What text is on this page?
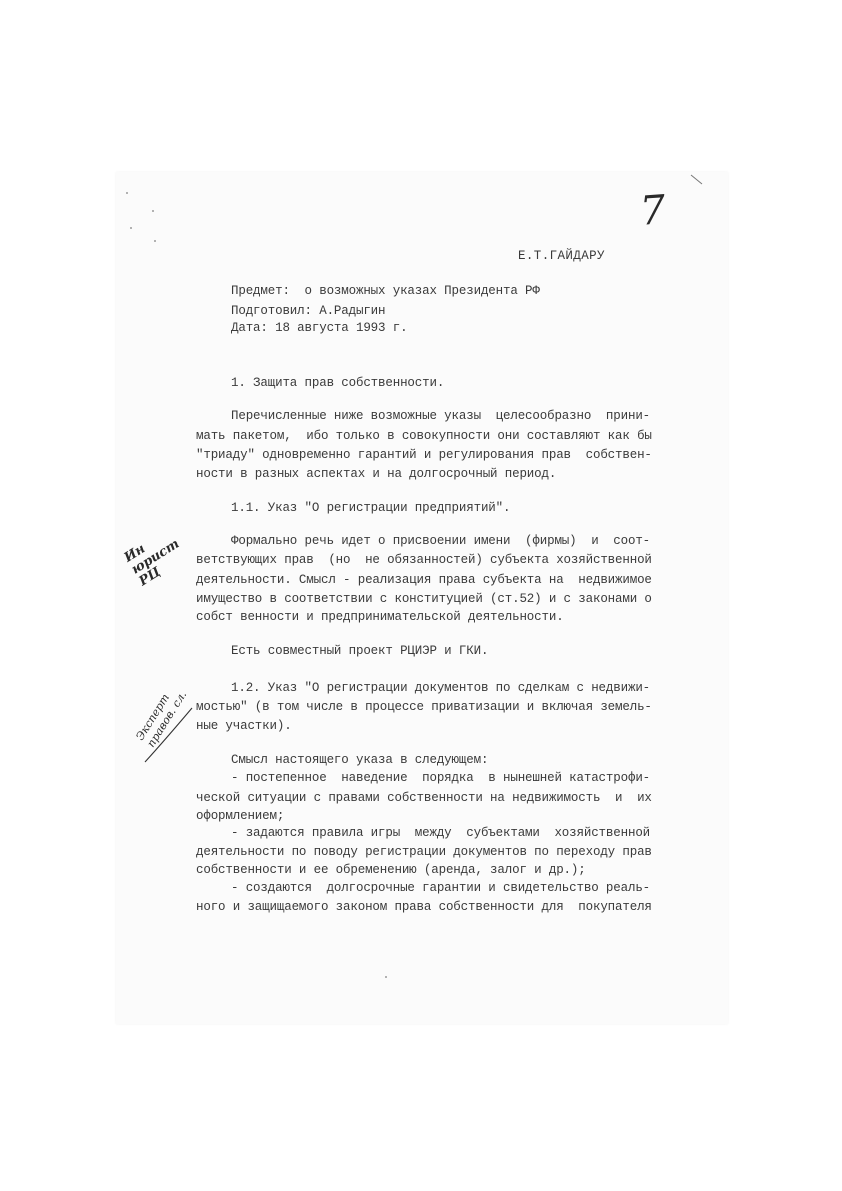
7
Е.Т.ГАЙДАРУ
Предмет:  о возможных указах Президента РФ
Подготовил: А.Радыгин
Дата: 18 августа 1993 г.
1. Защита прав собственности.
Перечисленные ниже возможные указы  целесообразно  прини-
мать пакетом,  ибо только в совокупности они составляют как бы
"триаду" одновременно гарантий и регулирования прав  собствен-
ности в разных аспектах и на долгосрочный период.
1.1. Указ "О регистрации предприятий".
Формально речь идет о присвоении имени  (фирмы)  и  соот-
ветствующих прав  (но  не обязанностей) субъекта хозяйственной
деятельности. Смысл - реализация права субъекта на  недвижимое
имущество в соответствии с конституцией (ст.52) и с законами о
собст венности и предпринимательской деятельности.
Есть совместный проект РЦИЭР и ГКИ.
1.2. Указ "О регистрации документов по сделкам с недвижи-
мостью" (в том числе в процессе приватизации и включая земель-
ные участки).
Смысл настоящего указа в следующем:
- постепенное  наведение  порядка  в нынешней катастрофи-
ческой ситуации с правами собственности на недвижимость  и  их
оформлением;
- задаются правила игры  между  субъектами  хозяйственной
деятельности по поводу регистрации документов по переходу прав
собственности и ее обременению (аренда, залог и др.);
- создаются  долгосрочные гарантии и свидетельство реаль-
ного и защищаемого законом права собственности для  покупателя
Ин юрист РЦ
Эксперт правов. сл.
